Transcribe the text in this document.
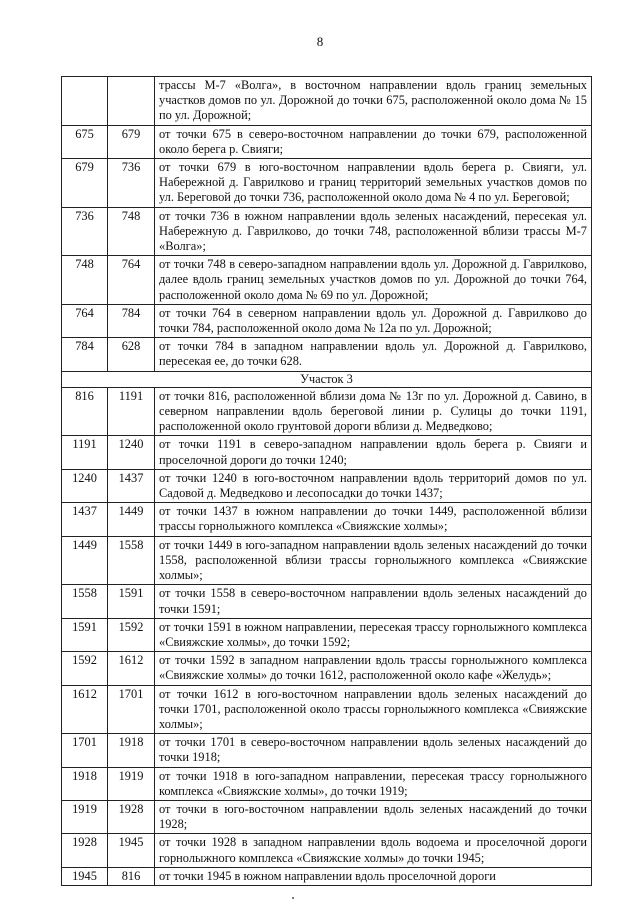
8
		трассы М-7 «Волга», в восточном направлении вдоль границ земельных участков домов по ул. Дорожной до точки 675, расположенной около дома № 15 по ул. Дорожной;
675	679	от точки 675 в северо-восточном направлении до точки 679, расположенной около берега р. Свияги;
679	736	от точки 679 в юго-восточном направлении вдоль берега р. Свияги, ул. Набережной д. Гаврилково и границ территорий земельных участков домов по ул. Береговой до точки 736, расположенной около дома № 4 по ул. Береговой;
736	748	от точки 736 в южном направлении вдоль зеленых насаждений, пересекая ул. Набережную д. Гаврилково, до точки 748, расположенной вблизи трассы М-7 «Волга»;
748	764	от точки 748 в северо-западном направлении вдоль ул. Дорожной д. Гаврилково, далее вдоль границ земельных участков домов по ул. Дорожной до точки 764, расположенной около дома № 69 по ул. Дорожной;
764	784	от точки 764 в северном направлении вдоль ул. Дорожной д. Гаврилково до точки 784, расположенной около дома № 12а по ул. Дорожной;
784	628	от точки 784 в западном направлении вдоль ул. Дорожной д. Гаврилково, пересекая ее, до точки 628.
Участок 3		
816	1191	от точки 816, расположенной вблизи дома № 13г по ул. Дорожной д. Савино, в северном направлении вдоль береговой линии р. Сулицы до точки 1191, расположенной около грунтовой дороги вблизи д. Медведково;
1191	1240	от точки 1191 в северо-западном направлении вдоль берега р. Свияги и проселочной дороги до точки 1240;
1240	1437	от точки 1240 в юго-восточном направлении вдоль территорий домов по ул. Садовой д. Медведково и лесопосадки до точки 1437;
1437	1449	от точки 1437 в южном направлении до точки 1449, расположенной вблизи трассы горнолыжного комплекса «Свияжские холмы»;
1449	1558	от точки 1449 в юго-западном направлении вдоль зеленых насаждений до точки 1558, расположенной вблизи трассы горнолыжного комплекса «Свияжские холмы»;
1558	1591	от точки 1558 в северо-восточном направлении вдоль зеленых насаждений до точки 1591;
1591	1592	от точки 1591 в южном направлении, пересекая трассу горнолыжного комплекса «Свияжские холмы», до точки 1592;
1592	1612	от точки 1592 в западном направлении вдоль трассы горнолыжного комплекса «Свияжские холмы» до точки 1612, расположенной около кафе «Желудь»;
1612	1701	от точки 1612 в юго-восточном направлении вдоль зеленых насаждений до точки 1701, расположенной около трассы горнолыжного комплекса «Свияжские холмы»;
1701	1918	от точки 1701 в северо-восточном направлении вдоль зеленых насаждений до точки 1918;
1918	1919	от точки 1918 в юго-западном направлении, пересекая трассу горнолыжного комплекса «Свияжские холмы», до точки 1919;
1919	1928	от точки в юго-восточном направлении вдоль зеленых насаждений до точки 1928;
1928	1945	от точки 1928 в западном направлении вдоль водоема и проселочной дороги горнолыжного комплекса «Свияжские холмы» до точки 1945;
1945	816	от точки 1945 в южном направлении вдоль проселочной дороги
